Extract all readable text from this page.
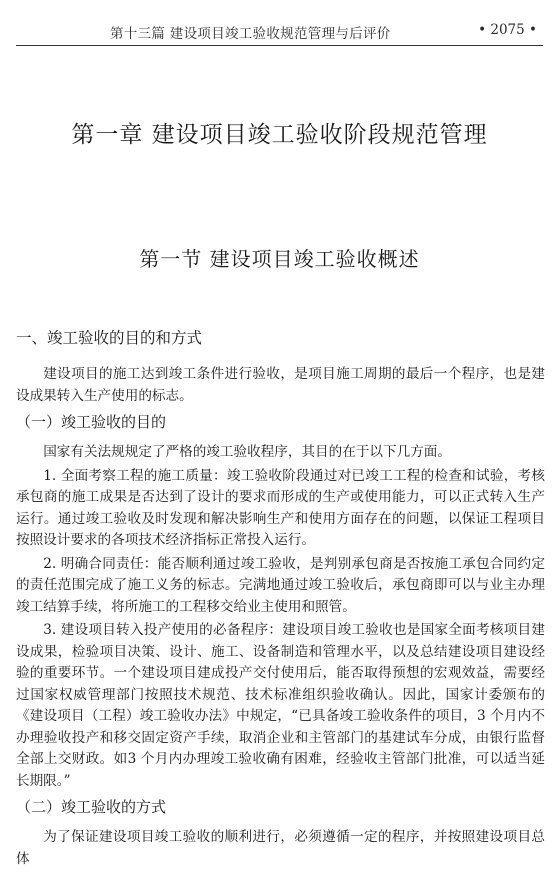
第十三篇 建设项目竣工验收规范管理与后评价	• 2075 •
第一章 建设项目竣工验收阶段规范管理
第一节 建设项目竣工验收概述
一、竣工验收的目的和方式

建设项目的施工达到竣工条件进行验收，是项目施工周期的最后一个程序，也是建设成果转入生产使用的标志。

（一）竣工验收的目的

国家有关法规规定了严格的竣工验收程序，其目的在于以下几方面。

1. 全面考察工程的施工质量：竣工验收阶段通过对已竣工工程的检查和试验，考核承包商的施工成果是否达到了设计的要求而形成的生产或使用能力，可以正式转入生产运行。通过竣工验收及时发现和解决影响生产和使用方面存在的问题，以保证工程项目按照设计要求的各项技术经济指标正常投入运行。

2. 明确合同责任：能否顺利通过竣工验收，是判别承包商是否按施工承包合同约定的责任范围完成了施工义务的标志。完满地通过竣工验收后，承包商即可以与业主办理竣工结算手续，将所施工的工程移交给业主使用和照管。

3. 建设项目转入投产使用的必备程序：建设项目竣工验收也是国家全面考核项目建设成果，检验项目决策、设计、施工、设备制造和管理水平，以及总结建设项目建设经验的重要环节。一个建设项目建成投产交付使用后，能否取得预想的宏观效益，需要经过国家权威管理部门按照技术规范、技术标准组织验收确认。因此，国家计委颁布的《建设项目（工程）竣工验收办法》中规定，“已具备竣工验收条件的项目，3 个月内不办理验收投产和移交固定资产手续，取消企业和主管部门的基建试车分成，由银行监督全部上交财政。如3 个月内办理竣工验收确有困难，经验收主管部门批准，可以适当延长期限。”

（二）竣工验收的方式

为了保证建设项目竣工验收的顺利进行，必须遵循一定的程序，并按照建设项目总体
